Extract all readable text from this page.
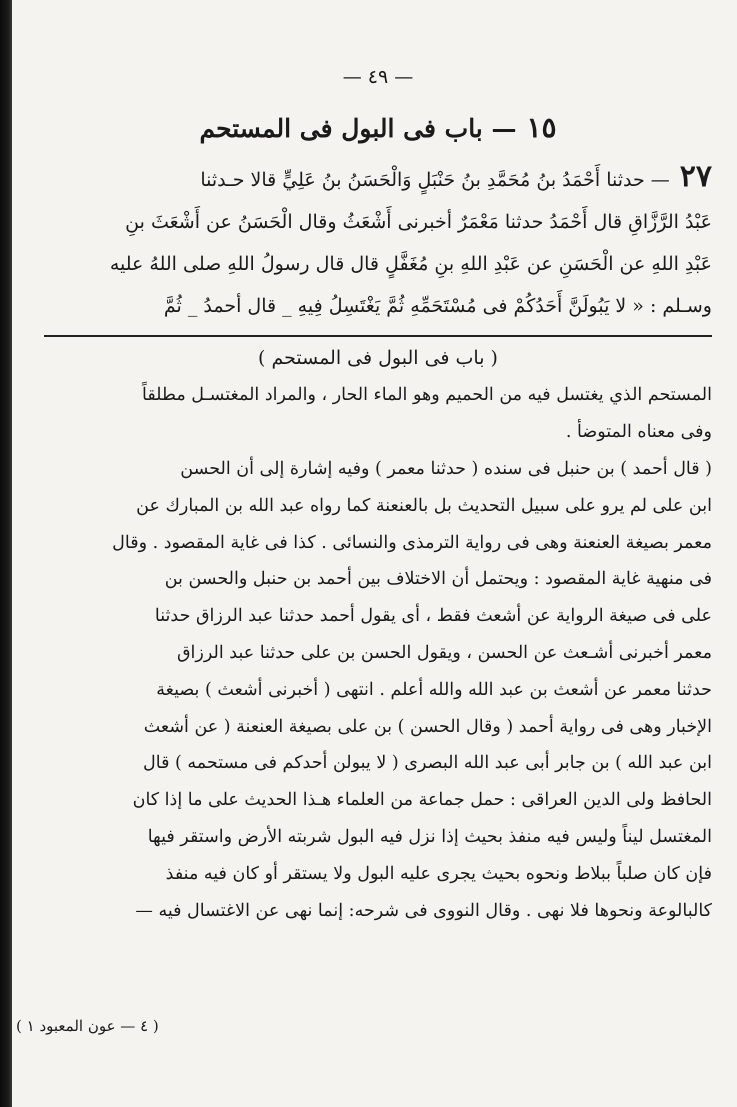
— ٤٩ —
١٥— باب فى البول فى المستحم
٢٧— حدثنا أَحْمَدُ بنُ مُحَمَّدِ بنُ حَنْبَلٍ وَالْحَسَنُ بنُ عَلِيٍّ قالا حـدثنا
عَبْدُ الرَّزَّاقِ قال أَحْمَدُ حدثنا مَعْمَرٌ أخبرنى أَشْعَثُ وقال الْحَسَنُ عن أَشْعَثَ بنِ
عَبْدِ اللهِ عن الْحَسَنِ عن عَبْدِ اللهِ بنِ مُغَفَّلٍ قال قال رسولُ اللهِ صلى اللهُ عليه
وسـلم : « لا يَبُولَنَّ أَحَدُكُمْ فى مُسْتَحَمِّهِ ثُمَّ يَغْتَسِلُ فِيهِ _ قال أحمدُ _ ثُمَّ
( باب فى البول فى المستحم )
المستحم الذي يغتسل فيه من الحميم وهو الماء الحار ، والمراد المغتسـل مطلقاً
وفى معناه المتوضأ .
( قال أحمد ) بن حنبل فى سنده ( حدثنا معمر ) وفيه إشارة إلى أن الحسن
ابن على لم يرو على سبيل التحديث بل بالعنعنة كما رواه عبد الله بن المبارك عن
معمر بصيغة العنعنة وهى فى رواية الترمذى والنسائى . كذا فى غاية المقصود . وقال
فى منهية غاية المقصود : ويحتمل أن الاختلاف بين أحمد بن حنبل والحسن بن
على فى صيغة الرواية عن أشعث فقط ، أى يقول أحمد حدثنا عبد الرزاق حدثنا
معمر أخبرنى أشـعث عن الحسن ، ويقول الحسن بن على حدثنا عبد الرزاق
حدثنا معمر عن أشعث بن عبد الله والله أعلم . انتهى ( أخبرنى أشعث ) بصيغة
الإخبار وهى فى رواية أحمد ( وقال الحسن ) بن على بصيغة العنعنة ( عن أشعث
ابن عبد الله ) بن جابر أبى عبد الله البصرى ( لا يبولن أحدكم فى مستحمه ) قال
الحافظ ولى الدين العراقى : حمل جماعة من العلماء هـذا الحديث على ما إذا كان
المغتسل ليناً وليس فيه منفذ بحيث إذا نزل فيه البول شربته الأرض واستقر فيها
فإن كان صلباً ببلاط ونحوه بحيث يجرى عليه البول ولا يستقر أو كان فيه منفذ
كالبالوعة ونحوها فلا نهى . وقال النووى فى شرحه: إنما نهى عن الاغتسال فيه —
( ٤ — عون المعبود ١ )
